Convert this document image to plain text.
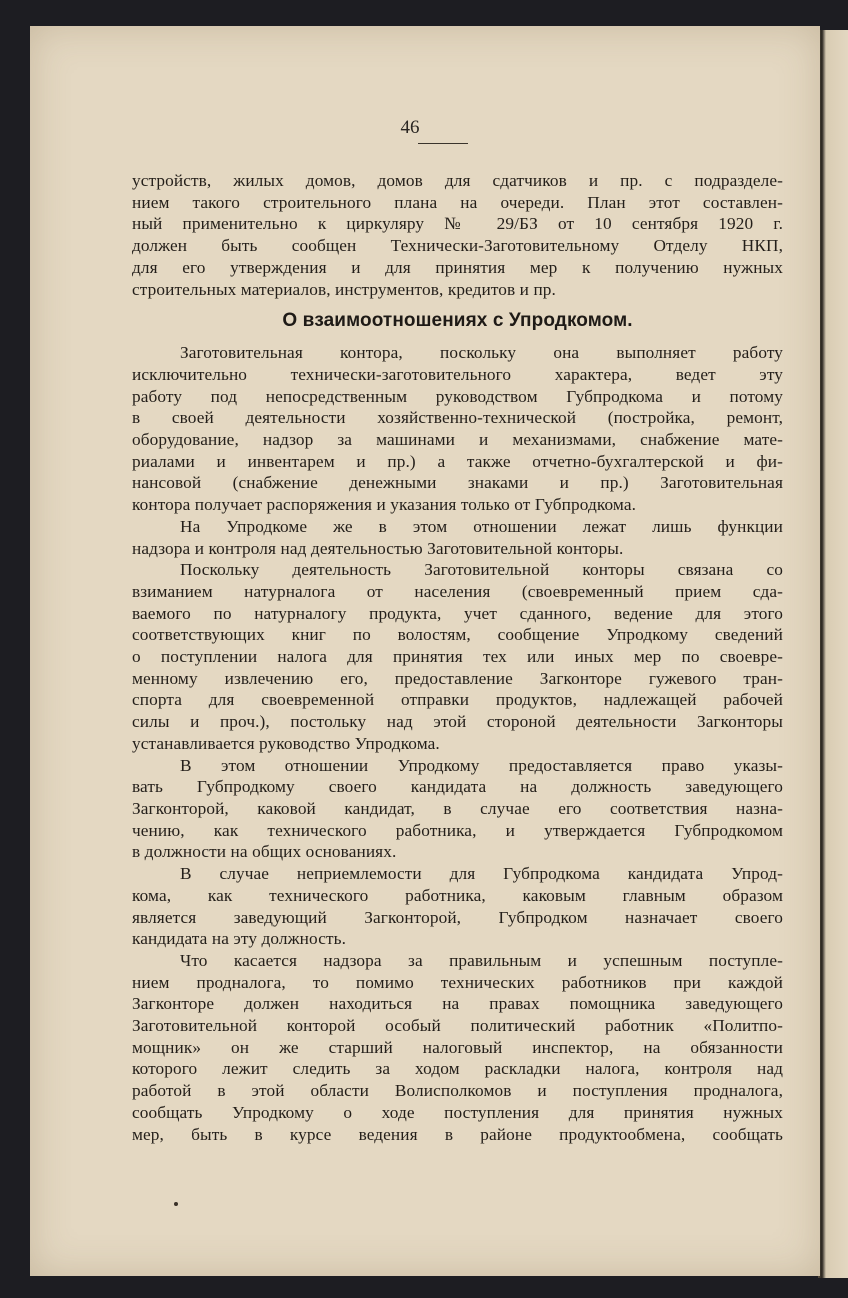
46
устройств, жилых домов, домов для сдатчиков и пр. с подразделе-
нием такого строительного плана на очереди. План этот составлен-
ный применительно к циркуляру № 29/БЗ от 10 сентября 1920 г.
должен быть сообщен Технически-Заготовительному Отделу НКП,
для его утверждения и для принятия мер к получению нужных
строительных материалов, инструментов, кредитов и пр.
О взаимоотношениях с Упродкомом.
Заготовительная контора, поскольку она выполняет работу
исключительно технически-заготовительного характера, ведет эту
работу под непосредственным руководством Губпродкома и потому
в своей деятельности хозяйственно-технической (постройка, ремонт,
оборудование, надзор за машинами и механизмами, снабжение мате-
риалами и инвентарем и пр.) а также отчетно-бухгалтерской и фи-
нансовой (снабжение денежными знаками и пр.) Заготовительная
контора получает распоряжения и указания только от Губпродкома.
На Упродкоме же в этом отношении лежат лишь функции
надзора и контроля над деятельностью Заготовительной конторы.
Поскольку деятельность Заготовительной конторы связана со
взиманием натурналога от населения (своевременный прием сда-
ваемого по натурналогу продукта, учет сданного, ведение для этого
соответствующих книг по волостям, сообщение Упродкому сведений
о поступлении налога для принятия тех или иных мер по своевре-
менному извлечению его, предоставление Загконторе гужевого тран-
спорта для своевременной отправки продуктов, надлежащей рабочей
силы и проч.), постольку над этой стороной деятельности Загконторы
устанавливается руководство Упродкома.
В этом отношении Упродкому предоставляется право указы-
вать Губпродкому своего кандидата на должность заведующего
Загконторой, каковой кандидат, в случае его соответствия назна-
чению, как технического работника, и утверждается Губпродкомом
в должности на общих основаниях.
В случае неприемлемости для Губпродкома кандидата Упрод-
кома, как технического работника, каковым главным образом
является заведующий Загконторой, Губпродком назначает своего
кандидата на эту должность.
Что касается надзора за правильным и успешным поступле-
нием продналога, то помимо технических работников при каждой
Загконторе должен находиться на правах помощника заведующего
Заготовительной конторой особый политический работник «Политпо-
мощник» он же старший налоговый инспектор, на обязанности
которого лежит следить за ходом раскладки налога, контроля над
работой в этой области Волисполкомов и поступления продналога,
сообщать Упродкому о ходе поступления для принятия нужных
мер, быть в курсе ведения в районе продуктообмена, сообщать
